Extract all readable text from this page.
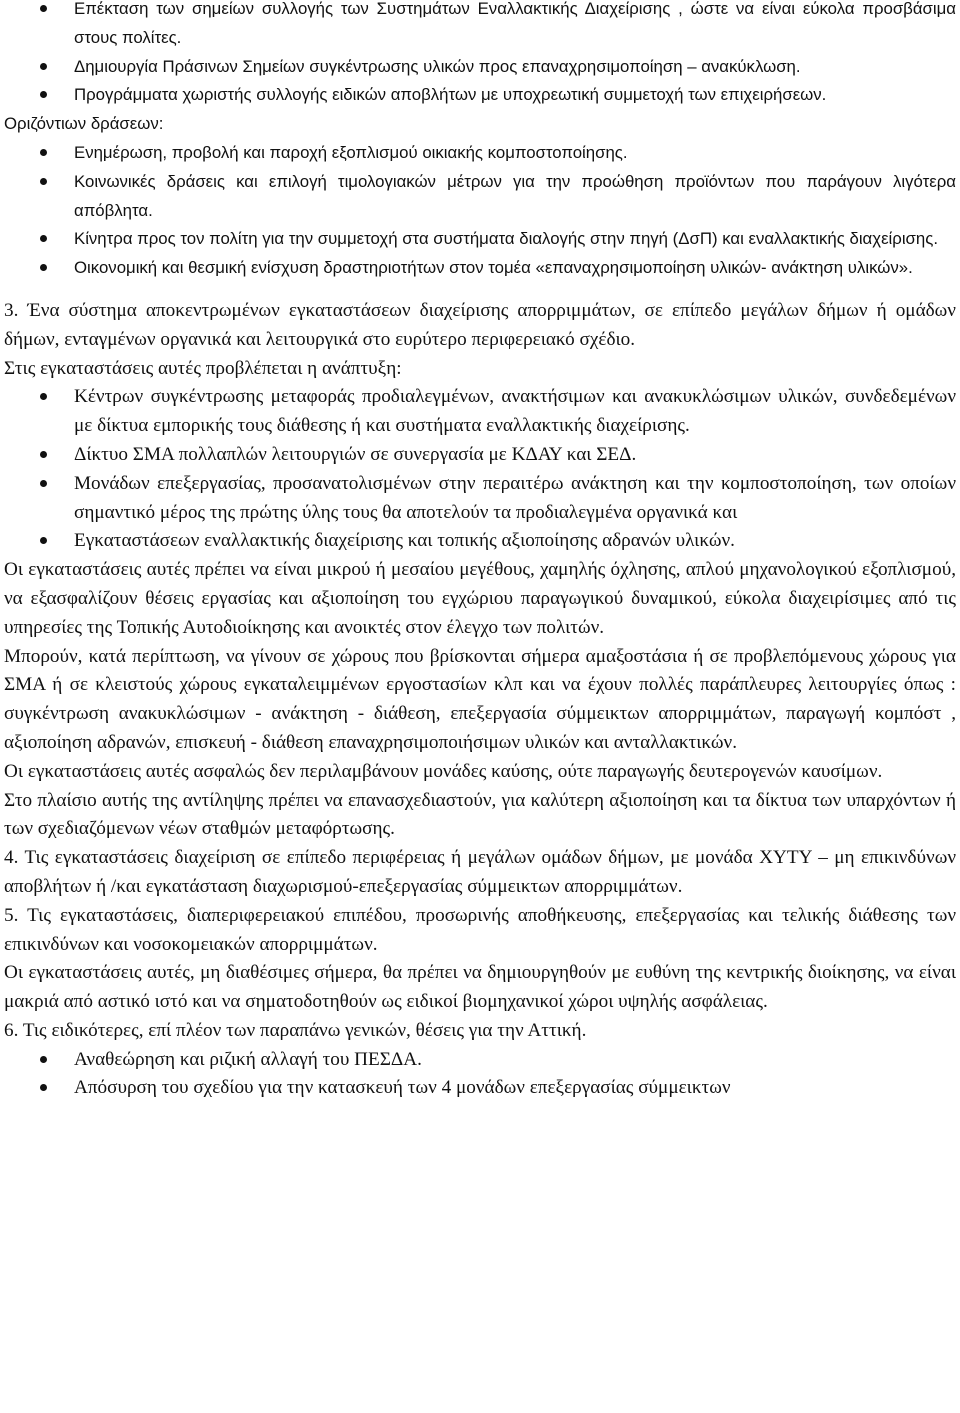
Επέκταση των σημείων συλλογής των Συστημάτων Εναλλακτικής Διαχείρισης , ώστε να είναι εύκολα προσβάσιμα στους πολίτες.

Δημιουργία Πράσινων Σημείων συγκέντρωσης υλικών προς επαναχρησιμοποίηση – ανακύκλωση.

Προγράμματα χωριστής συλλογής ειδικών αποβλήτων με υποχρεωτική συμμετοχή των επιχειρήσεων.

Οριζόντιων δράσεων:

Ενημέρωση, προβολή και παροχή εξοπλισμού οικιακής κομποστοποίησης.

Κοινωνικές δράσεις και επιλογή τιμολογιακών μέτρων για την προώθηση προϊόντων που παράγουν λιγότερα απόβλητα.

Κίνητρα προς τον πολίτη για την συμμετοχή στα συστήματα διαλογής στην πηγή (ΔσΠ) και εναλλακτικής διαχείρισης.

Οικονομική και θεσμική ενίσχυση δραστηριοτήτων στον τομέα «επαναχρησιμοποίηση υλικών- ανάκτηση υλικών».

3. Ένα σύστημα αποκεντρωμένων εγκαταστάσεων διαχείρισης απορριμμάτων, σε επίπεδο μεγάλων δήμων ή ομάδων δήμων, ενταγμένων οργανικά και λειτουργικά στο ευρύτερο περιφερειακό σχέδιο.

Στις εγκαταστάσεις αυτές προβλέπεται η ανάπτυξη:

Κέντρων συγκέντρωσης μεταφοράς προδιαλεγμένων, ανακτήσιμων και ανακυκλώσιμων υλικών, συνδεδεμένων με δίκτυα εμπορικής τους διάθεσης ή και συστήματα εναλλακτικής διαχείρισης.

Δίκτυο ΣΜΑ πολλαπλών λειτουργιών σε συνεργασία με ΚΔΑΥ και ΣΕΔ.

Μονάδων επεξεργασίας, προσανατολισμένων στην περαιτέρω ανάκτηση και την κομποστοποίηση, των οποίων σημαντικό μέρος της πρώτης ύλης τους θα αποτελούν τα προδιαλεγμένα οργανικά και

Εγκαταστάσεων εναλλακτικής διαχείρισης και τοπικής αξιοποίησης αδρανών υλικών.

Οι εγκαταστάσεις αυτές πρέπει να είναι μικρού ή μεσαίου μεγέθους, χαμηλής όχλησης, απλού μηχανολογικού εξοπλισμού, να εξασφαλίζουν θέσεις εργασίας και αξιοποίηση του εγχώριου παραγωγικού δυναμικού, εύκολα διαχειρίσιμες από τις υπηρεσίες της Τοπικής Αυτοδιοίκησης και ανοικτές στον έλεγχο των πολιτών.

Μπορούν, κατά περίπτωση, να γίνουν σε χώρους που βρίσκονται σήμερα αμαξοστάσια ή σε προβλεπόμενους χώρους για ΣΜΑ ή σε κλειστούς χώρους εγκαταλειμμένων εργοστασίων κλπ και να έχουν πολλές παράπλευρες λειτουργίες όπως : συγκέντρωση ανακυκλώσιμων - ανάκτηση - διάθεση, επεξεργασία σύμμεικτων απορριμμάτων, παραγωγή κομπόστ , αξιοποίηση αδρανών, επισκευή - διάθεση επαναχρησιμοποιήσιμων υλικών και ανταλλακτικών.

Οι εγκαταστάσεις αυτές ασφαλώς δεν περιλαμβάνουν μονάδες καύσης, ούτε παραγωγής δευτερογενών καυσίμων.

Στο πλαίσιο αυτής της αντίληψης πρέπει να επανασχεδιαστούν, για καλύτερη αξιοποίηση και τα δίκτυα των υπαρχόντων ή των σχεδιαζόμενων νέων σταθμών μεταφόρτωσης.

4. Τις εγκαταστάσεις διαχείριση σε επίπεδο περιφέρειας ή μεγάλων ομάδων δήμων, με μονάδα ΧΥΤΥ – μη επικινδύνων αποβλήτων ή /και εγκατάσταση διαχωρισμού-επεξεργασίας σύμμεικτων απορριμμάτων.

5. Τις εγκαταστάσεις, διαπεριφερειακού επιπέδου, προσωρινής αποθήκευσης, επεξεργασίας και τελικής διάθεσης των επικινδύνων και νοσοκομειακών απορριμμάτων.

Οι εγκαταστάσεις αυτές, μη διαθέσιμες σήμερα, θα πρέπει να δημιουργηθούν με ευθύνη της κεντρικής διοίκησης, να είναι μακριά από αστικό ιστό και να σηματοδοτηθούν ως ειδικοί βιομηχανικοί χώροι υψηλής ασφάλειας.

6. Τις ειδικότερες, επί πλέον των παραπάνω γενικών, θέσεις για την Αττική.

Αναθεώρηση και ριζική αλλαγή του ΠΕΣΔΑ.

Απόσυρση του σχεδίου για την κατασκευή των 4 μονάδων επεξεργασίας σύμμεικτων
